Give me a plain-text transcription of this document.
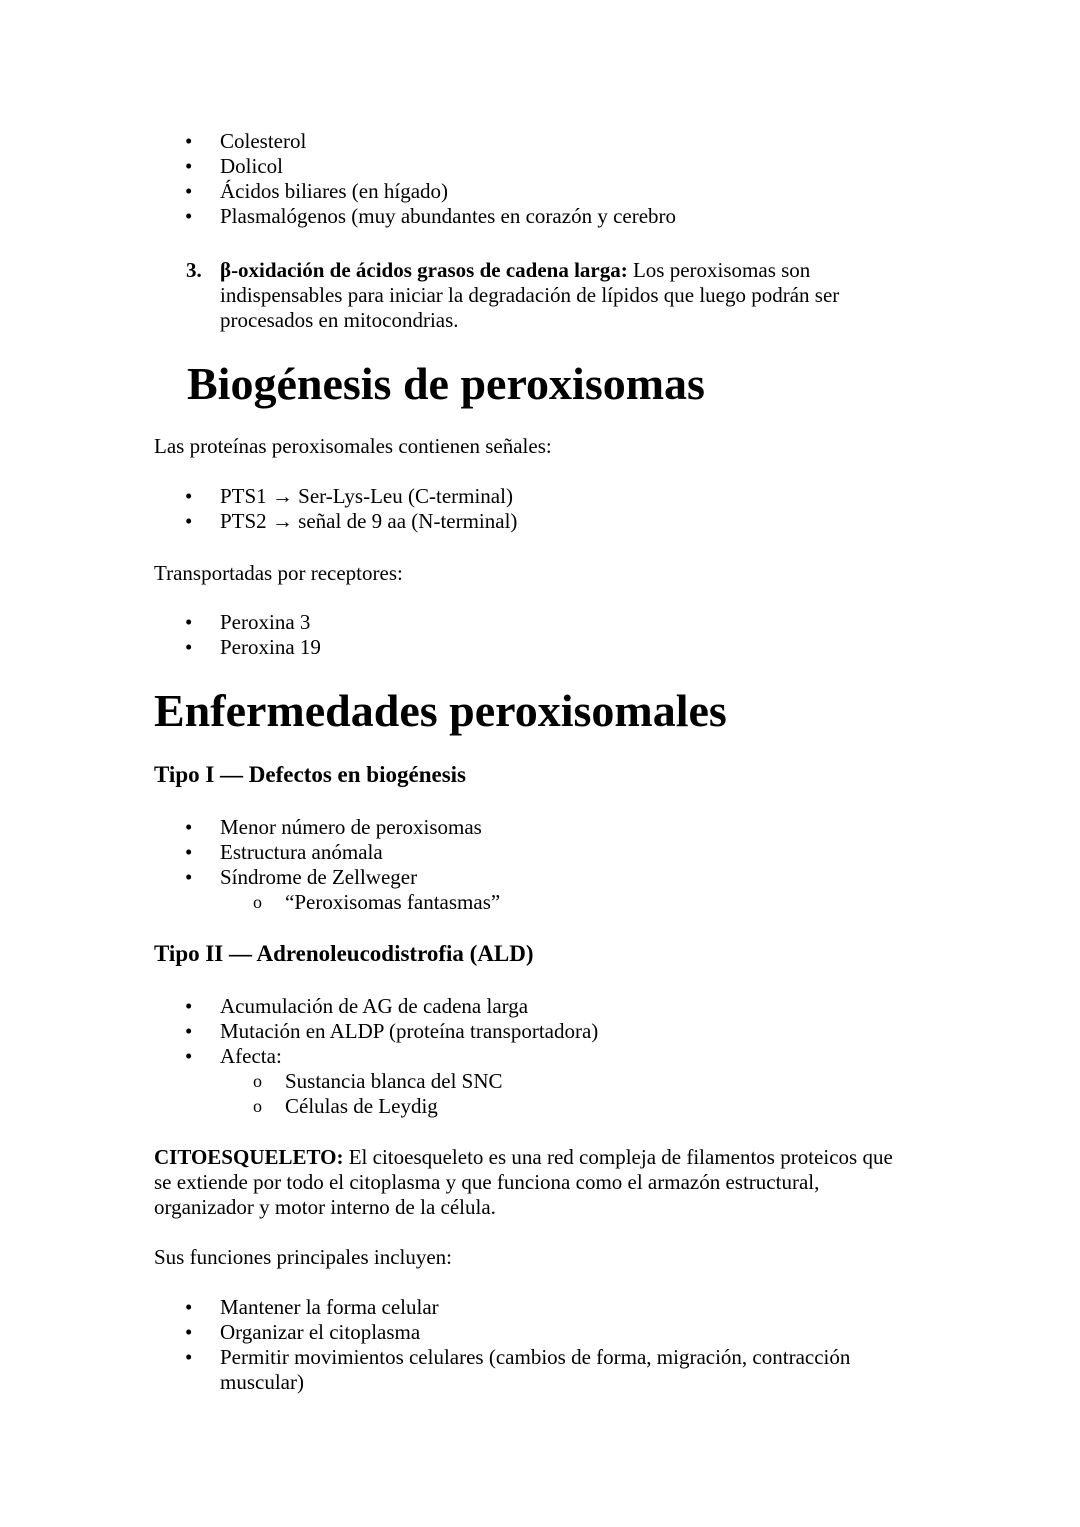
• Colesterol
• Dolicol
• Ácidos biliares (en hígado)
• Plasmalógenos (muy abundantes en corazón y cerebro
3. β-oxidación de ácidos grasos de cadena larga: Los peroxisomas son
indispensables para iniciar la degradación de lípidos que luego podrán ser
procesados en mitocondrias.
Biogénesis de peroxisomas
Las proteínas peroxisomales contienen señales:
• PTS1 → Ser-Lys-Leu (C-terminal)
• PTS2 → señal de 9 aa (N-terminal)
Transportadas por receptores:
• Peroxina 3
• Peroxina 19
Enfermedades peroxisomales
Tipo I — Defectos en biogénesis
• Menor número de peroxisomas
• Estructura anómala
• Síndrome de Zellweger
o “Peroxisomas fantasmas”
Tipo II — Adrenoleucodistrofia (ALD)
• Acumulación de AG de cadena larga
• Mutación en ALDP (proteína transportadora)
• Afecta:
o Sustancia blanca del SNC
o Células de Leydig
CITOESQUELETO: El citoesqueleto es una red compleja de filamentos proteicos que
se extiende por todo el citoplasma y que funciona como el armazón estructural,
organizador y motor interno de la célula.
Sus funciones principales incluyen:
• Mantener la forma celular
• Organizar el citoplasma
• Permitir movimientos celulares (cambios de forma, migración, contracción
muscular)
